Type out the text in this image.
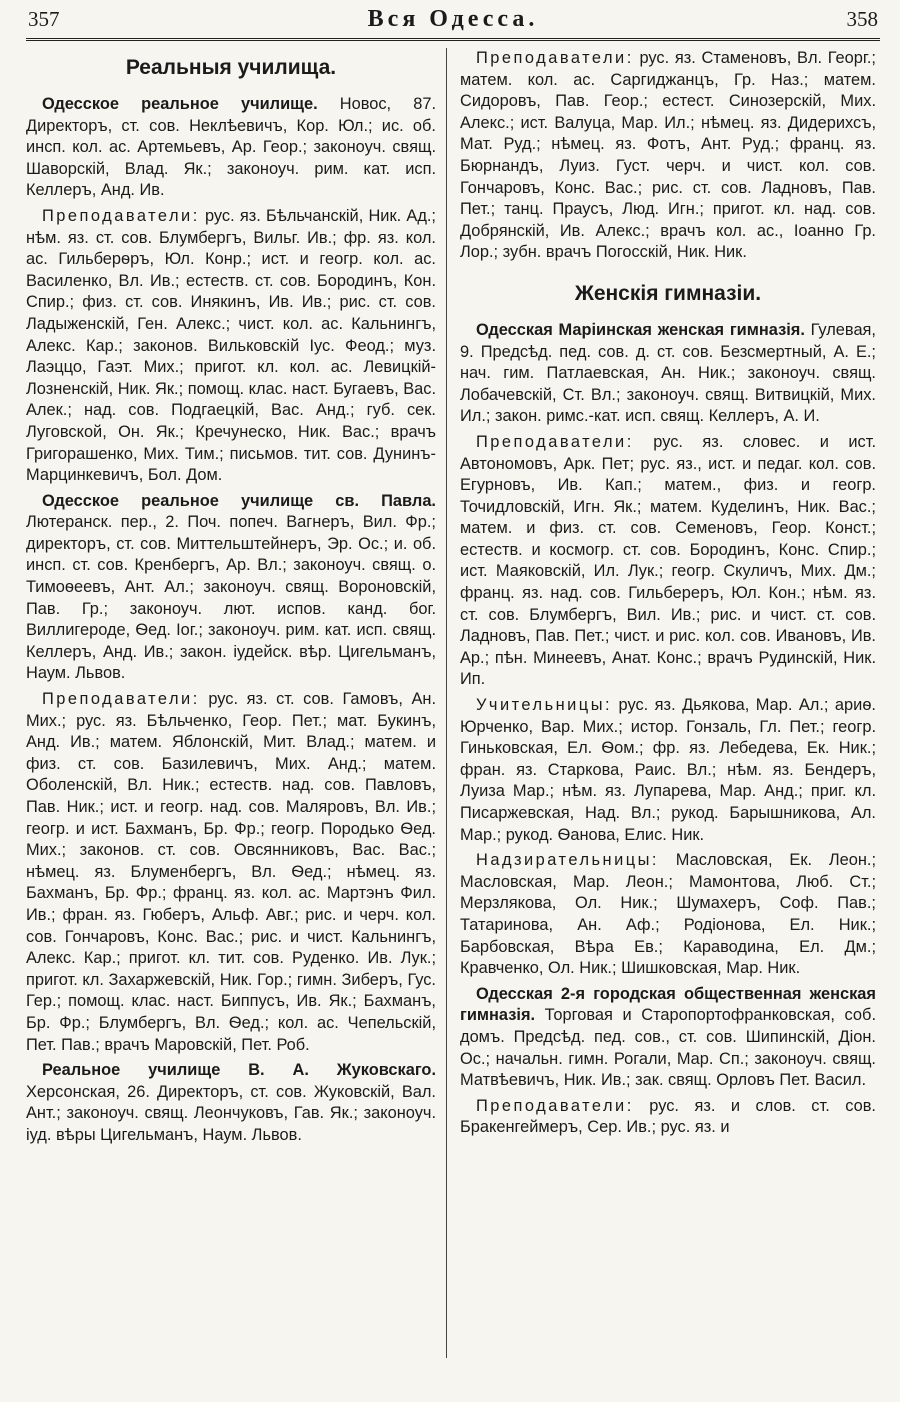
357	Вся Одесса.	358
Реальныя училища.

Одесское реальное училище. Новос, 87. Директоръ, ст. сов. Неклѣевичъ, Кор. Юл.; ис. об. инсп. кол. ас. Артемьевъ, Ар. Геор.; законоуч. свящ. Шаворскій, Влад. Як.; законоуч. рим. кат. исп. Келлеръ, Анд. Ив.

Преподаватели: рус. яз. Бѣльчанскій, Ник. Ад.; нѣм. яз. ст. сов. Блумбергъ, Вильг. Ив.; фр. яз. кол. ас. Гильберѳръ, Юл. Конр.; ист. и геогр. кол. ас. Василенко, Вл. Ив.; естеств. ст. сов. Бородинъ, Кон. Спир.; физ. ст. сов. Инякинъ, Ив. Ив.; рис. ст. сов. Ладыженскій, Ген. Алекс.; чист. кол. ас. Кальнингъ, Алекс. Кар.; законов. Вильковскій Іус. Феод.; муз. Лаэццо, Гаэт. Мих.; пригот. кл. кол. ас. Левицкій-Лозненскій, Ник. Як.; помощ. клас. наст. Бугаевъ, Вас. Алек.; над. сов. Подгаецкій, Вас. Анд.; губ. сек. Луговской, Он. Як.; Кречунеско, Ник. Вас.; врачъ Григорашенко, Мих. Тим.; письмов. тит. сов. Дунинъ-Марцинкевичъ, Бол. Дом.

Одесское реальное училище св. Павла. Лютеранск. пер., 2. Поч. попеч. Вагнеръ, Вил. Фр.; директоръ, ст. сов. Миттельштейнеръ, Эр. Ос.; и. об. инсп. ст. сов. Кренбергъ, Ар. Вл.; законоуч. свящ. о. Тимоѳеевъ, Ант. Ал.; законоуч. свящ. Вороновскій, Пав. Гр.; законоуч. лют. испов. канд. бог. Виллигероде, Ѳед. Іог.; законоуч. рим. кат. исп. свящ. Келлеръ, Анд. Ив.; закон. іудейск. вѣр. Цигельманъ, Наум. Львов.

Преподаватели: рус. яз. ст. сов. Гамовъ, Ан. Мих.; рус. яз. Бѣльченко, Геор. Пет.; мат. Букинъ, Анд. Ив.; матем. Яблонскій, Мит. Влад.; матем. и физ. ст. сов. Базилевичъ, Мих. Анд.; матем. Оболенскій, Вл. Ник.; естеств. над. сов. Павловъ, Пав. Ник.; ист. и геогр. над. сов. Маляровъ, Вл. Ив.; геогр. и ист. Бахманъ, Бр. Фр.; геогр. Породько Ѳед. Мих.; законов. ст. сов. Овсянниковъ, Вас. Вас.; нѣмец. яз. Блуменбергъ, Вл. Ѳед.; нѣмец. яз. Бахманъ, Бр. Фр.; франц. яз. кол. ас. Мартэнъ Фил. Ив.; фран. яз. Гюберъ, Альф. Авг.; рис. и черч. кол. сов. Гончаровъ, Конс. Вас.; рис. и чист. Кальнингъ, Алекс. Кар.; пригот. кл. тит. сов. Руденко. Ив. Лук.; пригот. кл. Захаржевскій, Ник. Гор.; гимн. Зиберъ, Гус. Гер.; помощ. клас. наст. Биппусъ, Ив. Як.; Бахманъ, Бр. Фр.; Блумбергъ, Вл. Ѳед.; кол. ас. Чепельскій, Пет. Пав.; врачъ Маровскій, Пет. Роб.

Реальное училище В. А. Жуковскаго. Херсонская, 26. Директоръ, ст. сов. Жуковскій, Вал. Ант.; законоуч. свящ. Леончуковъ, Гав. Як.; законоуч. іуд. вѣры Цигельманъ, Наум. Львов.

Преподаватели: рус. яз. Стаменовъ, Вл. Георг.; матем. кол. ас. Саргиджанцъ, Гр. Наз.; матем. Сидоровъ, Пав. Геор.; естест. Синозерскій, Мих. Алекс.; ист. Валуца, Мар. Ил.; нѣмец. яз. Дидерихсъ, Мат. Руд.; нѣмец. яз. Фотъ, Ант. Руд.; франц. яз. Бюрнандъ, Луиз. Густ. черч. и чист. кол. сов. Гончаровъ, Конс. Вас.; рис. ст. сов. Ладновъ, Пав. Пет.; танц. Праусъ, Люд. Игн.; пригот. кл. над. сов. Добрянскій, Ив. Алекс.; врачъ кол. ас., Іоанно Гр. Лор.; зубн. врачъ Погосскій, Ник. Ник.

Женскія гимназіи.

Одесская Маріинская женская гимназія. Гулевая, 9. Предсѣд. пед. сов. д. ст. сов. Безсмертный, А. Е.; нач. гим. Патлаевская, Ан. Ник.; законоуч. свящ. Лобачевскій, Ст. Вл.; законоуч. свящ. Витвицкій, Мих. Ил.; закон. римс.-кат. исп. свящ. Келлеръ, А. И.

Преподаватели: рус. яз. словес. и ист. Автономовъ, Арк. Пет; рус. яз., ист. и педаг. кол. сов. Егурновъ, Ив. Кап.; матем., физ. и геогр. Точидловскій, Игн. Як.; матем. Куделинъ, Ник. Вас.; матем. и физ. ст. сов. Семеновъ, Геор. Конст.; естеств. и космогр. ст. сов. Бородинъ, Конс. Спир.; ист. Маяковскій, Ил. Лук.; геогр. Скуличъ, Мих. Дм.; франц. яз. над. сов. Гильбереръ, Юл. Кон.; нѣм. яз. ст. сов. Блумбергъ, Вил. Ив.; рис. и чист. ст. сов. Ладновъ, Пав. Пет.; чист. и рис. кол. сов. Ивановъ, Ив. Ар.; пѣн. Минеевъ, Анат. Конс.; врачъ Рудинскій, Ник. Ип.

Учительницы: рус. яз. Дьякова, Мар. Ал.; ариѳ. Юрченко, Вар. Мих.; истор. Гонзаль, Гл. Пет.; геогр. Гиньковская, Ел. Ѳом.; фр. яз. Лебедева, Ек. Ник.; фран. яз. Старкова, Раис. Вл.; нѣм. яз. Бендеръ, Луиза Мар.; нѣм. яз. Лупарева, Мар. Анд.; приг. кл. Писаржевская, Над. Вл.; рукод. Барышникова, Ал. Мар.; рукод. Ѳанова, Елис. Ник.

Надзирательницы: Масловская, Ек. Леон.; Масловская, Мар. Леон.; Мамонтова, Люб. Ст.; Мерзлякова, Ол. Ник.; Шумахеръ, Соф. Пав.; Татаринова, Ан. Аф.; Родіонова, Ел. Ник.; Барбовская, Вѣра Ев.; Караводина, Ел. Дм.; Кравченко, Ол. Ник.; Шишковская, Мар. Ник.

Одесская 2-я городская общественная женская гимназія. Торговая и Старопортофранковская, соб. домъ. Предсѣд. пед. сов., ст. сов. Шипинскій, Діон. Ос.; начальн. гимн. Рогали, Мар. Сп.; законоуч. свящ. Матвѣевичъ, Ник. Ив.; зак. свящ. Орловъ Пет. Васил.

Преподаватели: рус. яз. и слов. ст. сов. Бракенгеймеръ, Сер. Ив.; рус. яз. и
